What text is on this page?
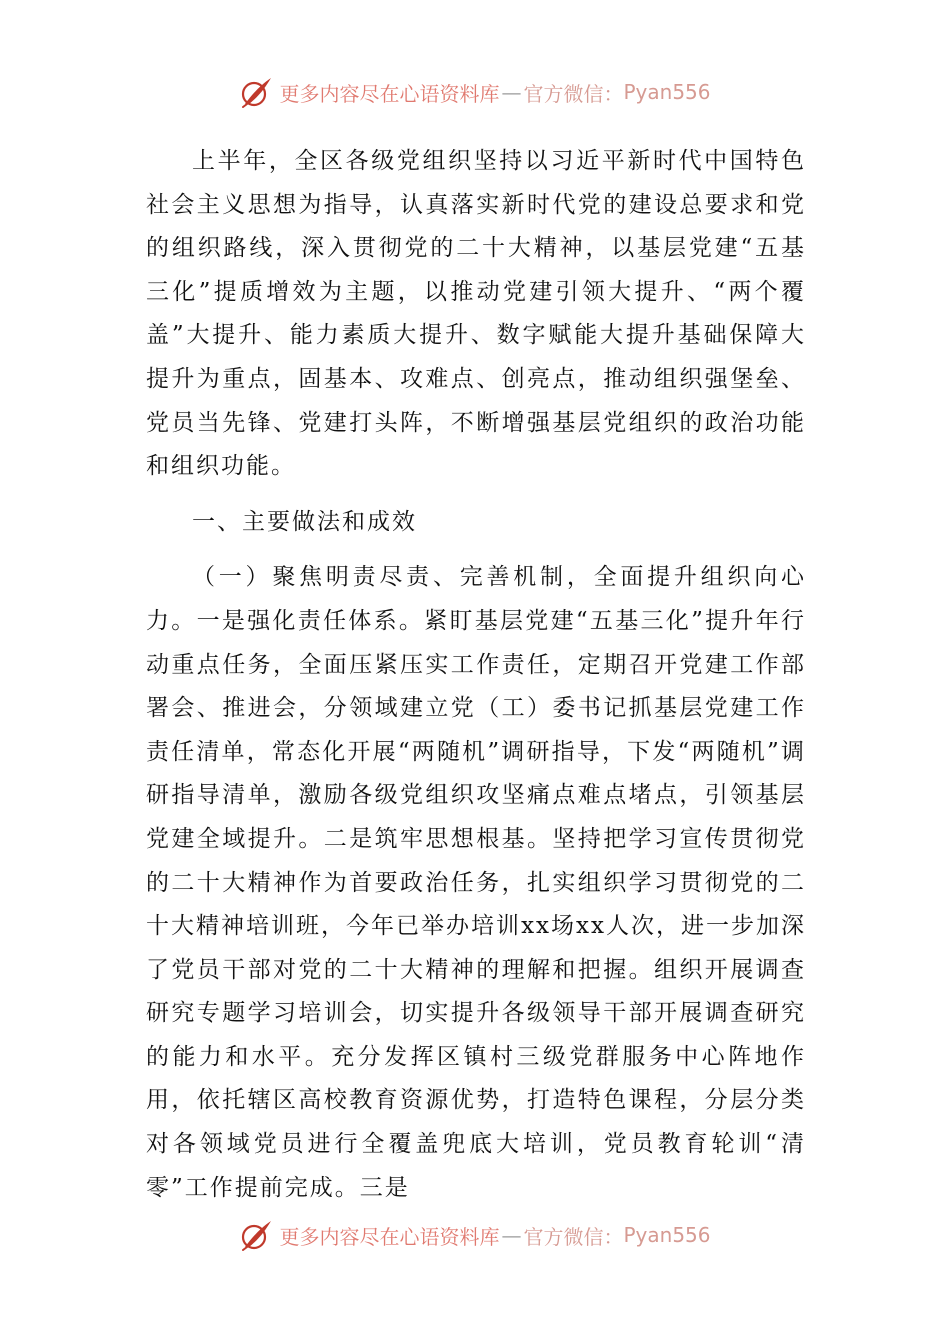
更多内容尽在心语资料库 — 官方微信： Pyan556

上半年，全区各级党组织坚持以习近平新时代中国特色社会主义思想为指导，认真落实新时代党的建设总要求和党的组织路线，深入贯彻党的二十大精神，以基层党建“五基三化”提质增效为主题，以推动党建引领大提升、“两个覆盖”大提升、能力素质大提升、数字赋能大提升基础保障大提升为重点，固基本、攻难点、创亮点，推动组织强堡垒、党员当先锋、党建打头阵，不断增强基层党组织的政治功能和组织功能。

一、主要做法和成效

（一）聚焦明责尽责、完善机制，全面提升组织向心力。一是强化责任体系。紧盯基层党建“五基三化”提升年行动重点任务，全面压紧压实工作责任，定期召开党建工作部署会、推进会，分领域建立党（工）委书记抓基层党建工作责任清单，常态化开展“两随机”调研指导，下发“两随机”调研指导清单，激励各级党组织攻坚痛点难点堵点，引领基层党建全域提升。二是筑牢思想根基。坚持把学习宣传贯彻党的二十大精神作为首要政治任务，扎实组织学习贯彻党的二十大精神培训班，今年已举办培训xx场xx人次，进一步加深了党员干部对党的二十大精神的理解和把握。组织开展调查研究专题学习培训会，切实提升各级领导干部开展调查研究的能力和水平。充分发挥区镇村三级党群服务中心阵地作用，依托辖区高校教育资源优势，打造特色课程，分层分类对各领域党员进行全覆盖兜底大培训，党员教育轮训“清零”工作提前完成。三是

更多内容尽在心语资料库 — 官方微信： Pyan556
